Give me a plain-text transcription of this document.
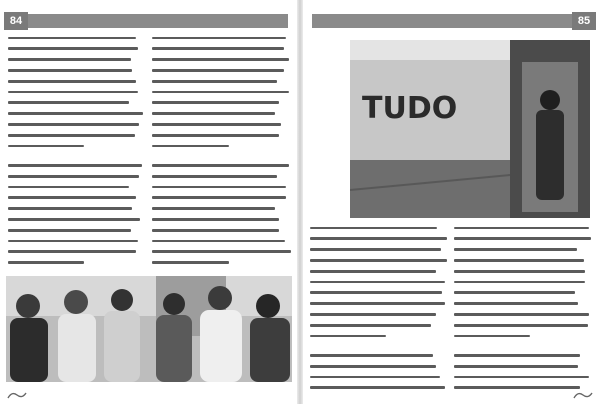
84	85
TUDO
